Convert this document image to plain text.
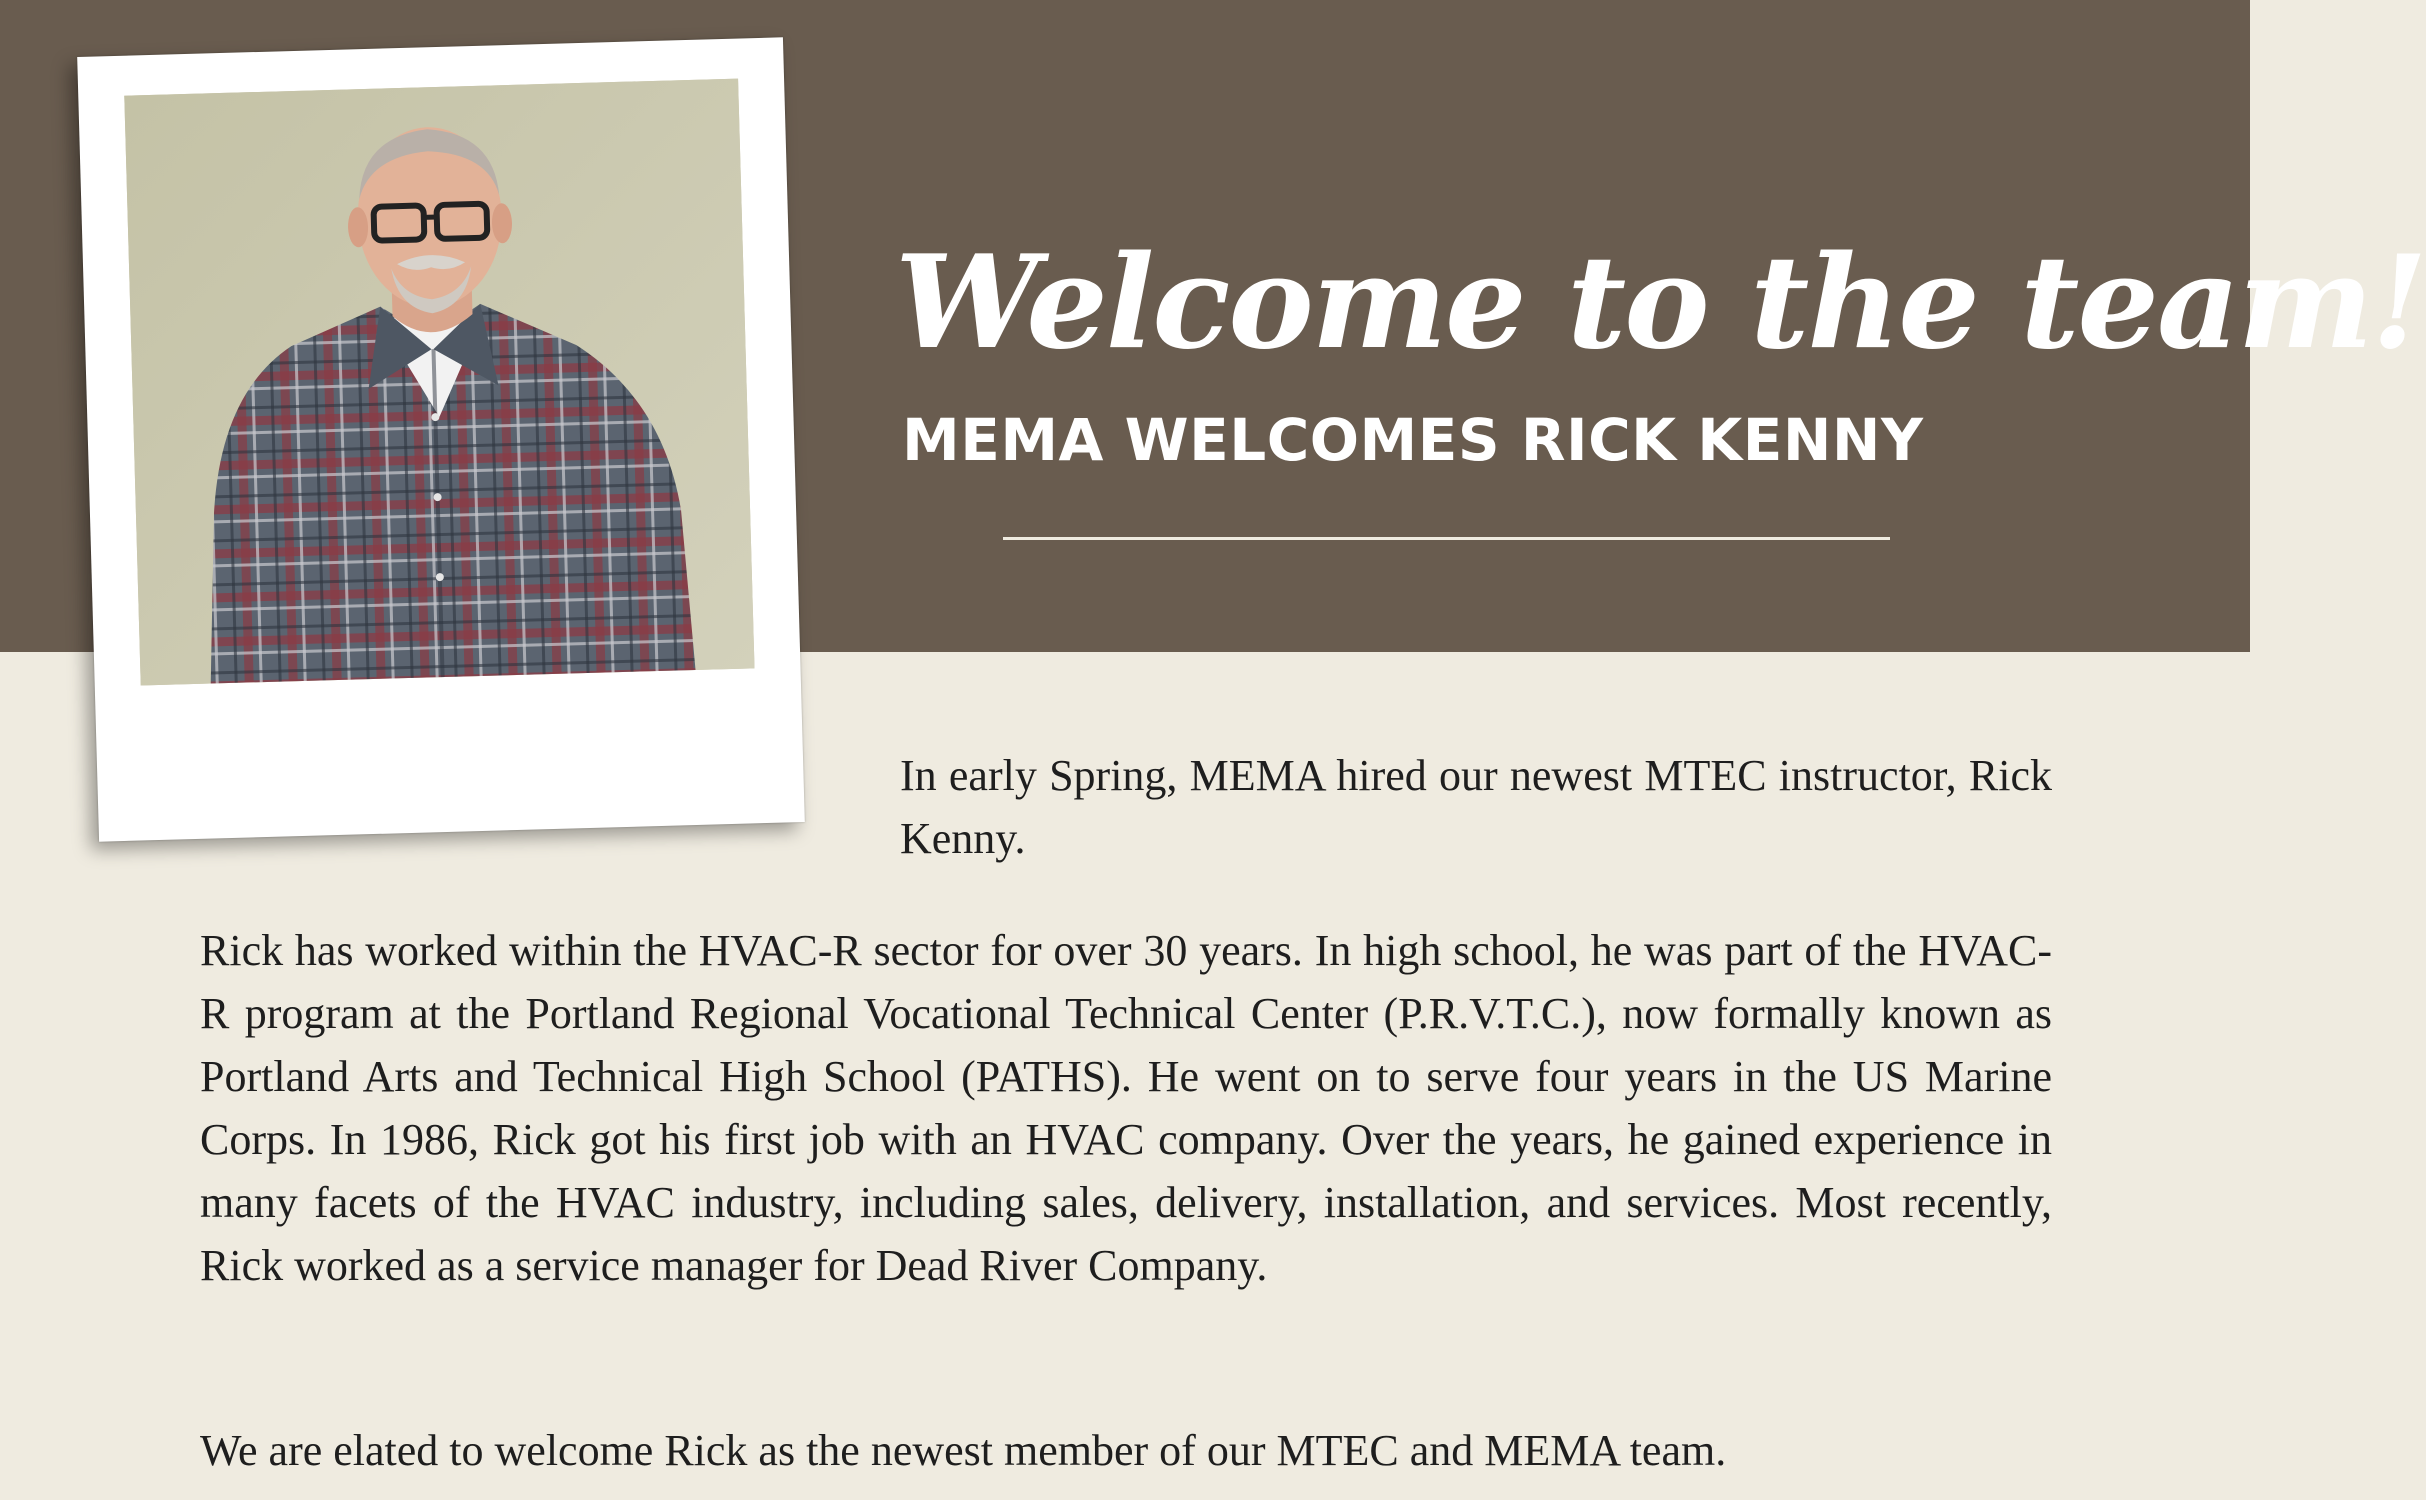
Welcome to the team!
MEMA WELCOMES RICK KENNY

In early Spring, MEMA hired our newest MTEC instructor, Rick Kenny.

Rick has worked within the HVAC-R sector for over 30 years. In high school, he was part of the HVAC-R program at the Portland Regional Vocational Technical Center (P.R.V.T.C.), now formally known as Portland Arts and Technical High School (PATHS). He went on to serve four years in the US Marine Corps. In 1986, Rick got his first job with an HVAC company. Over the years, he gained experience in many facets of the HVAC industry, including sales, delivery, installation, and services. Most recently, Rick worked as a service manager for Dead River Company.

We are elated to welcome Rick as the newest member of our MTEC and MEMA team.
